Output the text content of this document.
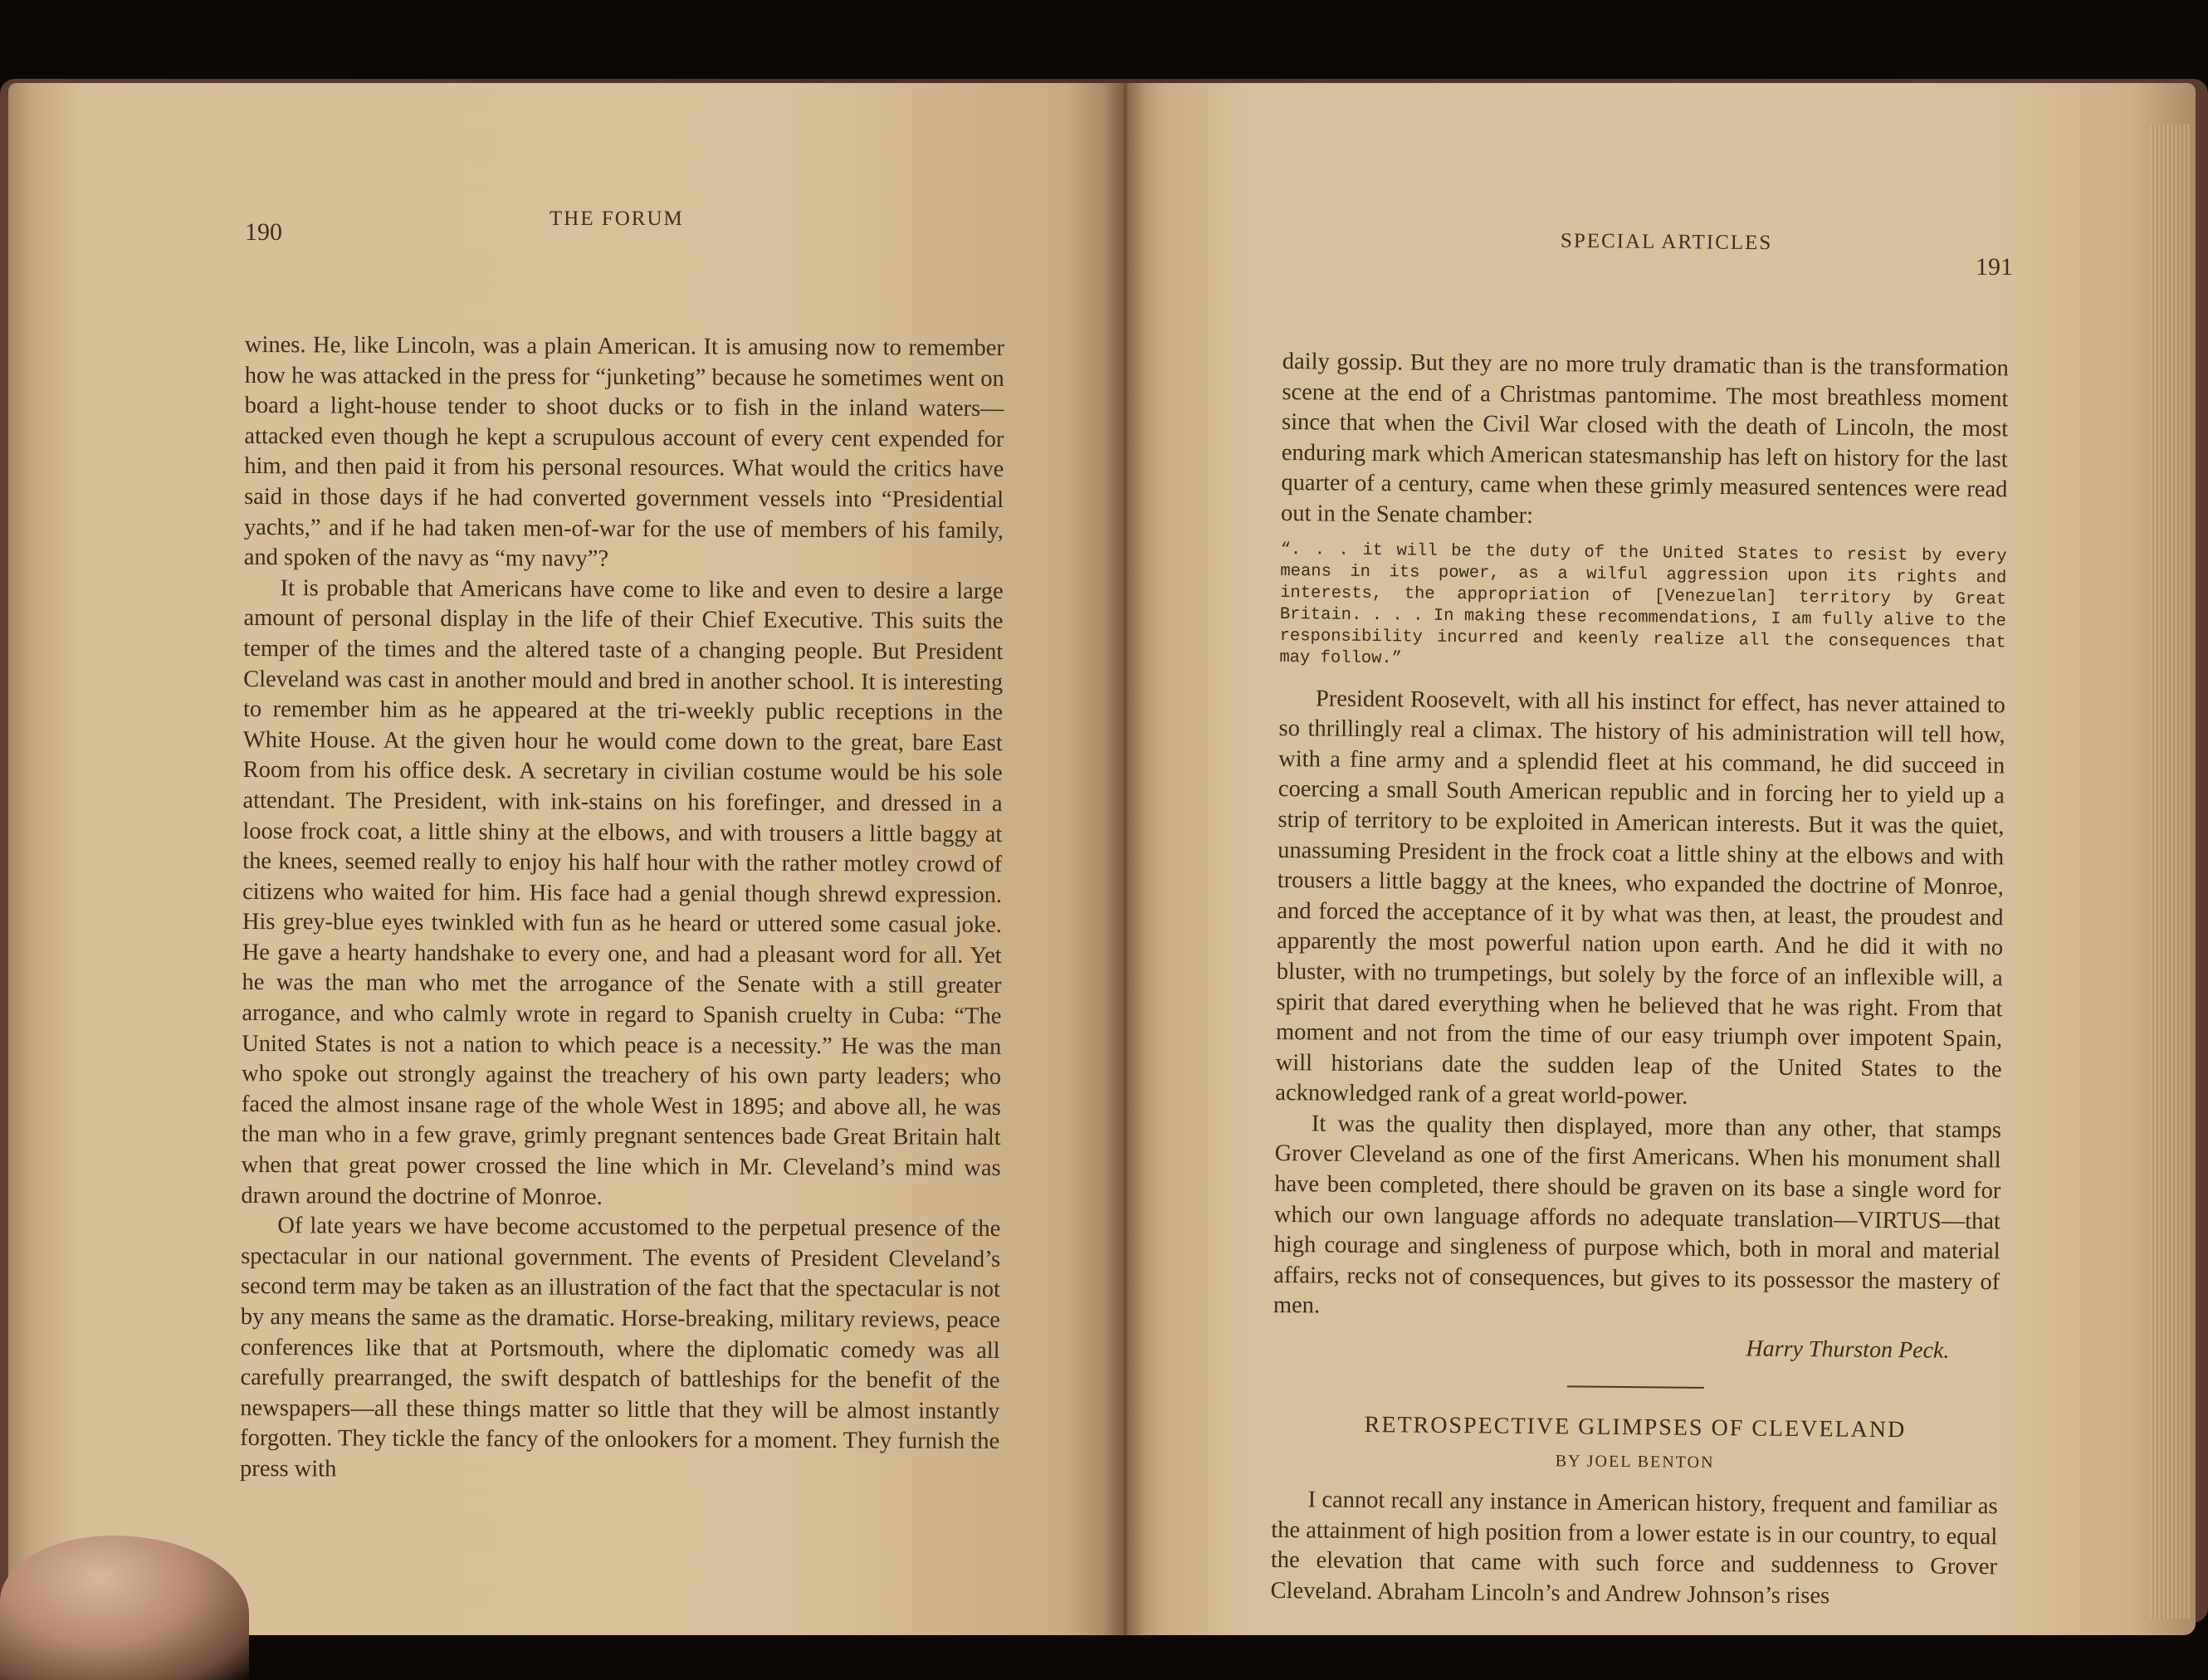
190	THE FORUM

wines. He, like Lincoln, was a plain American. It is amusing now to remember how he was attacked in the press for “junketing” because he sometimes went on board a light-house tender to shoot ducks or to fish in the inland waters—attacked even though he kept a scrupulous account of every cent expended for him, and then paid it from his personal resources. What would the critics have said in those days if he had converted government vessels into “Presidential yachts,” and if he had taken men-of-war for the use of members of his family, and spoken of the navy as “my navy”?

It is probable that Americans have come to like and even to desire a large amount of personal display in the life of their Chief Executive. This suits the temper of the times and the altered taste of a changing people. But President Cleveland was cast in another mould and bred in another school. It is interesting to remember him as he appeared at the tri-weekly public receptions in the White House. At the given hour he would come down to the great, bare East Room from his office desk. A secretary in civilian costume would be his sole attendant. The President, with ink-stains on his forefinger, and dressed in a loose frock coat, a little shiny at the elbows, and with trousers a little baggy at the knees, seemed really to enjoy his half hour with the rather motley crowd of citizens who waited for him. His face had a genial though shrewd expression. His grey-blue eyes twinkled with fun as he heard or uttered some casual joke. He gave a hearty handshake to every one, and had a pleasant word for all. Yet he was the man who met the arrogance of the Senate with a still greater arrogance, and who calmly wrote in regard to Spanish cruelty in Cuba: “The United States is not a nation to which peace is a necessity.” He was the man who spoke out strongly against the treachery of his own party leaders; who faced the almost insane rage of the whole West in 1895; and above all, he was the man who in a few grave, grimly pregnant sentences bade Great Britain halt when that great power crossed the line which in Mr. Cleveland’s mind was drawn around the doctrine of Monroe.

Of late years we have become accustomed to the perpetual presence of the spectacular in our national government. The events of President Cleveland’s second term may be taken as an illustration of the fact that the spectacular is not by any means the same as the dramatic. Horse-breaking, military reviews, peace conferences like that at Portsmouth, where the diplomatic comedy was all carefully prearranged, the swift despatch of battleships for the benefit of the newspapers—all these things matter so little that they will be almost instantly forgotten. They tickle the fancy of the onlookers for a moment. They furnish the press with

SPECIAL ARTICLES
191

daily gossip. But they are no more truly dramatic than is the transformation scene at the end of a Christmas pantomime. The most breathless moment since that when the Civil War closed with the death of Lincoln, the most enduring mark which American statesmanship has left on history for the last quarter of a century, came when these grimly measured sentences were read out in the Senate chamber:

“. . . it will be the duty of the United States to resist by every means in its power, as a wilful aggression upon its rights and interests, the appropriation of [Venezuelan] territory by Great Britain. . . . In making these recommendations, I am fully alive to the responsibility incurred and keenly realize all the consequences that may follow.”

President Roosevelt, with all his instinct for effect, has never attained to so thrillingly real a climax. The history of his administration will tell how, with a fine army and a splendid fleet at his command, he did succeed in coercing a small South American republic and in forcing her to yield up a strip of territory to be exploited in American interests. But it was the quiet, unassuming President in the frock coat a little shiny at the elbows and with trousers a little baggy at the knees, who expanded the doctrine of Monroe, and forced the acceptance of it by what was then, at least, the proudest and apparently the most powerful nation upon earth. And he did it with no bluster, with no trumpetings, but solely by the force of an inflexible will, a spirit that dared everything when he believed that he was right. From that moment and not from the time of our easy triumph over impotent Spain, will historians date the sudden leap of the United States to the acknowledged rank of a great world-power.

It was the quality then displayed, more than any other, that stamps Grover Cleveland as one of the first Americans. When his monument shall have been completed, there should be graven on its base a single word for which our own language affords no adequate translation—VIRTUS—that high courage and singleness of purpose which, both in moral and material affairs, recks not of consequences, but gives to its possessor the mastery of men.

Harry Thurston Peck.
RETROSPECTIVE GLIMPSES OF CLEVELAND
BY JOEL BENTON

I cannot recall any instance in American history, frequent and familiar as the attainment of high position from a lower estate is in our country, to equal the elevation that came with such force and suddenness to Grover Cleveland. Abraham Lincoln’s and Andrew Johnson’s rises
